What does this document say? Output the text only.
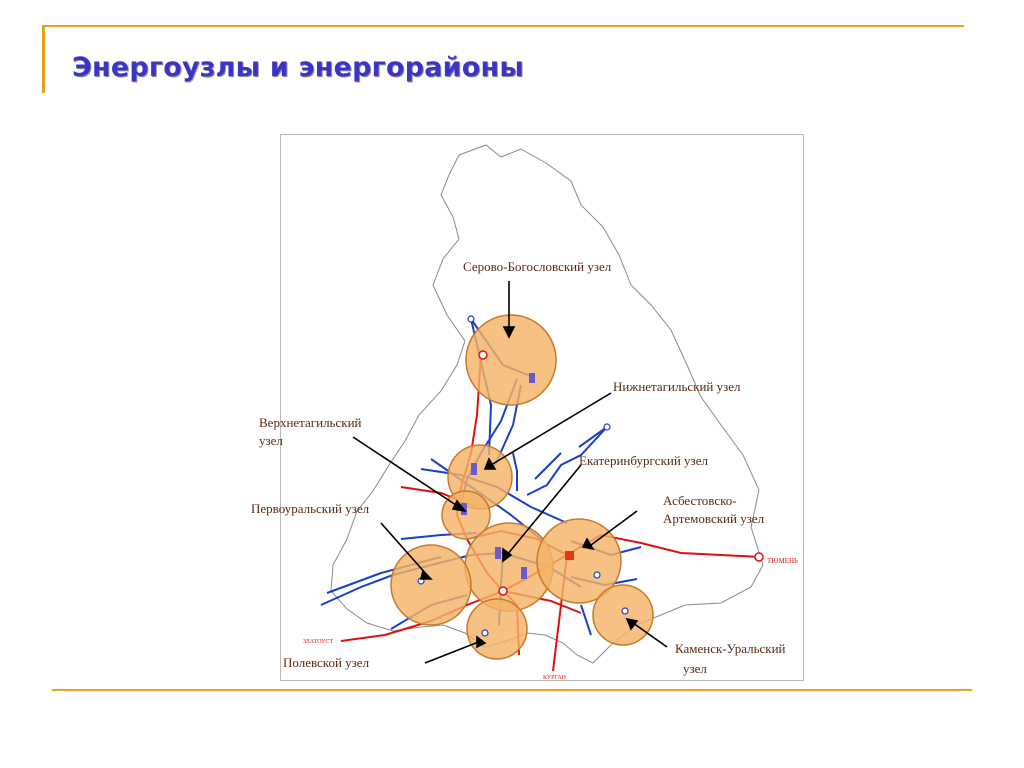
Энергоузлы и энергорайоны
ТЮМЕНЬ
ЗЛАТОУСТ
КУРГАН
Серово-Богословский узел
Нижнетагильский узел
Верхнетагильский
узел
Екатеринбургский узел
Первоуральский узел
Асбестовско-
Артемовский узел
Полевской узел
Каменск-Уральский
узел
